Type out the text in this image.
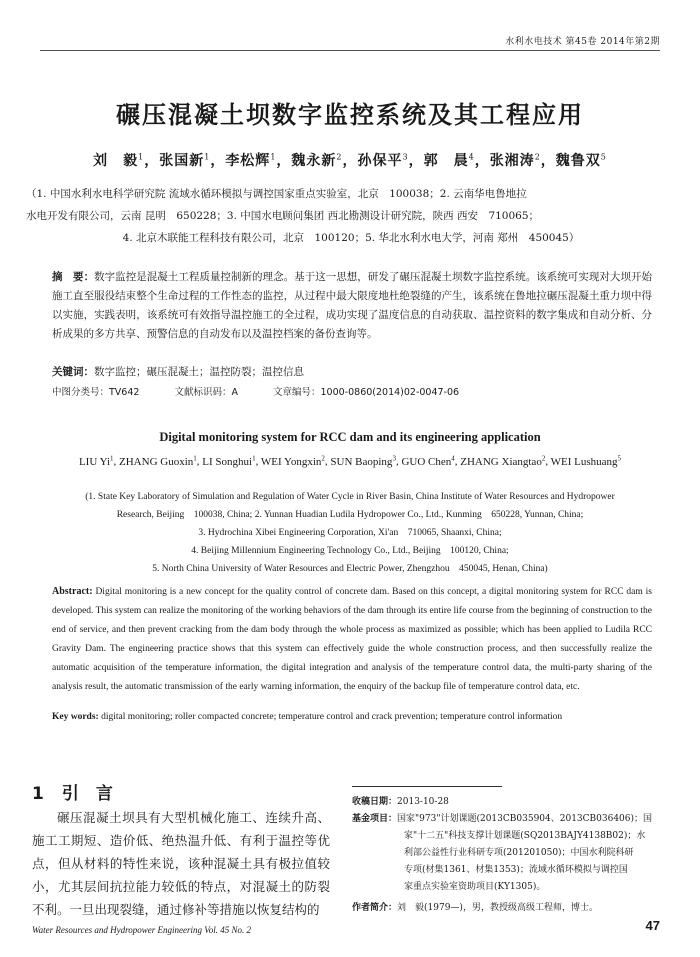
水利水电技术 第45卷 2014年第2期
碾压混凝土坝数字监控系统及其工程应用
刘　毅$^1$，张国新$^1$，李松辉$^1$，魏永新$^2$，孙保平$^3$，郭　晨$^4$，张湘涛$^2$，魏鲁双$^5$
（1. 中国水利水电科学研究院 流域水循环模拟与调控国家重点实验室，北京　100038；2. 云南华电鲁地拉
水电开发有限公司，云南 昆明　650228；3. 中国水电顾问集团 西北勘测设计研究院，陕西 西安　710065；
4. 北京木联能工程科技有限公司，北京　100120；5. 华北水利水电大学，河南 郑州　450045）
摘　要：数字监控是混凝土工程质量控制新的理念。基于这一思想，研发了碾压混凝土坝数字监控系统。该系统可实现对大坝开始施工直至服役结束整个生命过程的工作性态的监控，从过程中最大限度地杜绝裂缝的产生，该系统在鲁地拉碾压混凝土重力坝中得以实施，实践表明，该系统可有效指导温控施工的全过程，成功实现了温度信息的自动获取、温控资料的数字集成和自动分析、分析成果的多方共享、预警信息的自动发布以及温控档案的备份查询等。
关键词：数字监控；碾压混凝土；温控防裂；温控信息
中图分类号：TV642	文献标识码：A	文章编号：1000-0860(2014)02-0047-06
Digital monitoring system for RCC dam and its engineering application
LIU Yi$^1$, ZHANG Guoxin$^1$, LI Songhui$^1$, WEI Yongxin$^2$, SUN Baoping$^3$, GUO Chen$^4$, ZHANG Xiangtao$^2$, WEI Lushuang$^5$
(1. State Key Laboratory of Simulation and Regulation of Water Cycle in River Basin, China Institute of Water Resources and Hydropower
Research, Beijing　100038, China; 2. Yunnan Huadian Ludila Hydropower Co., Ltd., Kunming　650228, Yunnan, China;
3. Hydrochina Xibei Engineering Corporation, Xi'an　710065, Shaanxi, China;
4. Beijing Millennium Engineering Technology Co., Ltd., Beijing　100120, China;
5. North China University of Water Resources and Electric Power, Zhengzhou　450045, Henan, China)
Abstract: Digital monitoring is a new concept for the quality control of concrete dam. Based on this concept, a digital monitoring system for RCC dam is developed. This system can realize the monitoring of the working behaviors of the dam through its entire life course from the beginning of construction to the end of service, and then prevent cracking from the dam body through the whole process as maximized as possible; which has been applied to Ludila RCC Gravity Dam. The engineering practice shows that this system can effectively guide the whole construction process, and then successfully realize the automatic acquisition of the temperature information, the digital integration and analysis of the temperature control data, the multi-party sharing of the analysis result, the automatic transmission of the early warning information, the enquiry of the backup file of temperature control data, etc.
Key words: digital monitoring; roller compacted concrete; temperature control and crack prevention; temperature control information
1 引　言

碾压混凝土坝具有大型机械化施工、连续升高、施工工期短、造价低、绝热温升低、有利于温控等优点，但从材料的特性来说，该种混凝土具有极拉值较小，尤其层间抗拉能力较低的特点，对混凝土的防裂不利。一旦出现裂缝，通过修补等措施以恢复结构的

收稿日期：2013-10-28
基金项目：国家"973"计划课题(2013CB035904、2013CB036406)；国
家"十二五"科技支撑计划课题(SQ2013BAJY4138B02)；水
利部公益性行业科研专项(201201050)；中国水利院科研
专项(材集1361、材集1353)；流域水循环模拟与调控国
家重点实验室资助项目(KY1305)。
作者简介：刘　毅(1979—)，男，教授级高级工程师，博士。
Water Resources and Hydropower Engineering Vol. 45 No. 2	47
